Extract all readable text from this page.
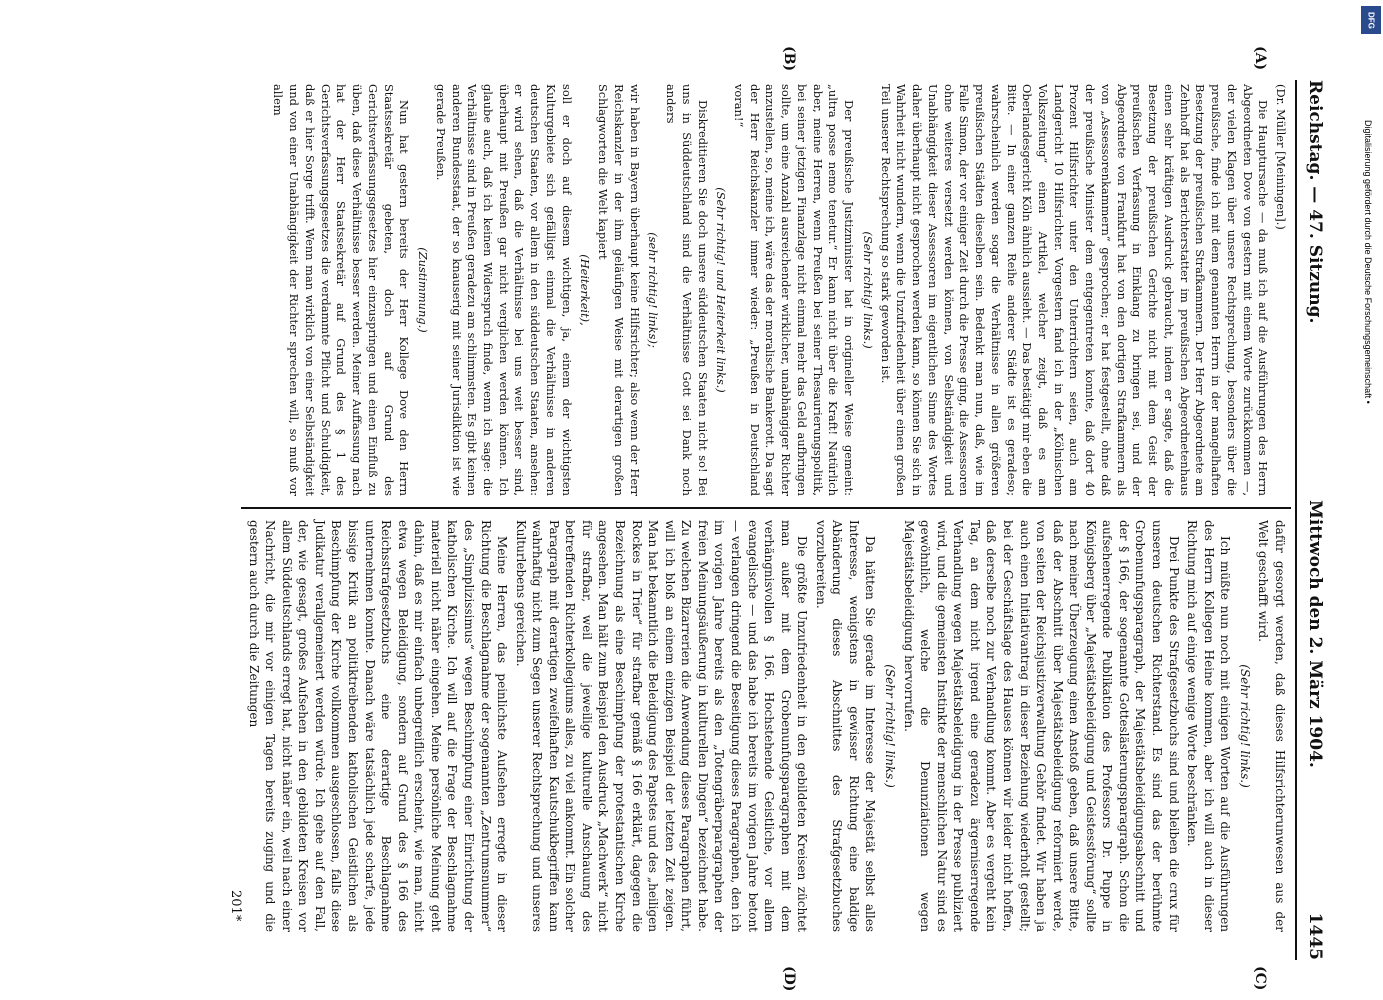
Reichstag. — 47. Sitzung.
Mittwoch den 2. März 1904.
1445
(A)
(B)
(C)
(D)

(Dr. Müller [Meiningen].)

Die Hauptursache — da muß ich auf die Ausführungen des Herrn Abgeordneten Dove von gestern mit einem Worte zurückkommen —, der vielen Klagen über unsere Rechtsprechung, besonders über die preußische, finde ich mit dem genannten Herrn in der mangelhaften Besetzung der preußischen Strafkammern. Der Herr Abgeordnete am Zehnhoff hat als Berichterstatter im preußischen Abgeordnetenhaus einen sehr kräftigen Ausdruck gebraucht, indem er sagte, daß die Besetzung der preußischen Gerichte nicht mit dem Geist der preußischen Verfassung in Einklang zu bringen sei, und der Abgeordnete von Frankfurt hat von den dortigen Strafkammern als von „Assessorenkammern“ gesprochen; er hat festgestellt, ohne daß der preußische Minister dem entgegentreten konnte, daß dort 40 Prozent Hilfsrichter unter den Unterrichtern seien, auch am Landgericht 10 Hilfsrichter. Vorgestern fand ich in der „Kölnischen Volkszeitung“ einen Artikel, welcher zeigt, daß es am Oberlandesgericht Köln ähnlich aussieht. — Das bestätigt mir eben die Bitte. — In einer ganzen Reihe anderer Städte ist es geradeso; wahrscheinlich werden sogar die Verhältnisse in allen größeren preußischen Städten dieselben sein. Bedenkt man nun, daß, wie im Falle Simon, der vor einiger Zeit durch die Presse ging, die Assessoren ohne weiteres versetzt werden können, von Selbständigkeit und Unabhängigkeit dieser Assessoren im eigentlichen Sinne des Wortes daher überhaupt nicht gesprochen werden kann, so können Sie sich in Wahrheit nicht wundern, wenn die Unzufriedenheit über einen großen Teil unserer Rechtsprechung so stark geworden ist.

(Sehr richtig! links.)

Der preußische Justizminister hat in origineller Weise gemeint: „ultra posse nemo tenetur.“ Er kann nicht über die Kraft! Natürlich aber, meine Herren, wenn Preußen bei seiner Thesaurierungspolitik, bei seiner jetzigen Finanzlage nicht einmal mehr das Geld aufbringen sollte, um eine Anzahl ausreichender wirklicher, unabhängiger Richter anzustellen, so, meine ich, wäre das der moralische Bankerott. Da sagt der Herr Reichskanzler immer wieder: „Preußen in Deutschland voran!“

(Sehr richtig! und Heiterkeit links.)

Diskreditieren Sie doch unsere süddeutschen Staaten nicht so! Bei uns in Süddeutschland sind die Verhältnisse Gott sei Dank noch anders

(sehr richtig! links);

wir haben in Bayern überhaupt keine Hilfsrichter; also wenn der Herr Reichskanzler in der ihm geläufigen Weise mit derartigen großen Schlagworten die Welt kapiert

(Heiterkeit),

soll er doch auf diesem wichtigen, ja, einem der wichtigsten Kulturgebiete sich gefälligst einmal die Verhältnisse in anderen deutschen Staaten, vor allem in den süddeutschen Staaten, ansehen: er wird sehen, daß die Verhältnisse bei uns weit besser sind, überhaupt mit Preußen gar nicht verglichen werden können. Ich glaube auch, daß ich keinen Widerspruch finde, wenn ich sage: die Verhältnisse sind in Preußen geradezu am schlimmsten. Es gibt keinen anderen Bundesstaat, der so knauserig mit seiner Jurisdiktion ist wie gerade Preußen.

(Zustimmung.)

Nun hat gestern bereits der Herr Kollege Dove den Herrn Staatssekretär gebeten, doch auf Grund des Gerichtsverfassungsgesetzes hier einzuspringen und einen Einfluß zu üben, daß diese Verhältnisse besser werden. Meiner Auffassung nach hat der Herr Staatssekretär auf Grund des § 1 des Gerichtsverfassungsgesetzes die verdammte Pflicht und Schuldigkeit, daß er hier Sorge trifft. Wenn man wirklich von einer Selbständigkeit und von einer Unabhängigkeit der Richter sprechen will, so muß vor allem

dafür gesorgt werden, daß dieses Hilfsrichterunwesen aus der Welt geschafft wird.

(Sehr richtig! links.)

Ich müßte nun noch mit einigen Worten auf die Ausführungen des Herrn Kollegen Heine kommen, aber ich will auch in dieser Richtung mich auf einige wenige Worte beschränken.

Drei Punkte des Strafgesetzbuchs sind und bleiben die crux für unseren deutschen Richterstand. Es sind das der berühmte Grobenunfugsparagraph, der Majestätsbeleidigungsabschnitt und der § 166, der sogenannte Gotteslästerungsparagraph. Schon die aufsehenerregende Publikation des Professors Dr. Puppe in Königsberg über „Majestätsbeleidigung und Geistesstörung“ sollte nach meiner Überzeugung einen Anstoß geben, daß unsere Bitte, daß der Abschnitt über Majestätsbeleidigung reformiert werde, von seiten der Reichsjustizverwaltung Gehör findet. Wir haben ja auch einen Initiativantrag in dieser Beziehung wiederholt gestellt; bei der Geschäftslage des Hauses können wir leider nicht hoffen, daß derselbe noch zur Verhandlung kommt. Aber es vergeht kein Tag, an dem nicht irgend eine geradezu ärgerniserregende Verhandlung wegen Majestätsbeleidigung in der Presse publiziert wird, und die gemeinsten Instinkte der menschlichen Natur sind es gewöhnlich, welche die Denunziationen wegen Majestätsbeleidigung hervorrufen.

(Sehr richtig! links.)

Da hätten Sie gerade im Interesse der Majestät selbst alles Interesse, wenigstens in gewisser Richtung eine baldige Abänderung dieses Abschnittes des Strafgesetzbuches vorzubereiten.

Die größte Unzufriedenheit in den gebildeten Kreisen züchtet man außer mit dem Grobenunfugsparagraphen mit dem verhängnisvollen § 166. Hochstehende Geistliche, vor allem evangelische — und das habe ich bereits im vorigen Jahre betont — verlangen dringend die Beseitigung dieses Paragraphen, den ich im vorigen Jahre bereits als den „Totengräberparagraphen der freien Meinungsäußerung in kulturellen Dingen“ bezeichnet habe. Zu welchen Bizarrerien die Anwendung dieses Paragraphen führt, will ich bloß an einem einzigen Beispiel der letzten Zeit zeigen. Man hat bekanntlich die Beleidigung des Papstes und des „heiligen Rockes in Trier“ für strafbar gemäß § 166 erklärt, dagegen die Bezeichnung als eine Beschimpfung der protestantischen Kirche angesehen. Man hält zum Beispiel den Ausdruck „Machwerk“ nicht für strafbar, weil die jeweilige kulturelle Anschauung des betreffenden Richterkollegiums alles, zu viel ankommt. Ein solcher Paragraph mit derartigen zweifelhaften Kautschukbegriffen kann wahrhaftig nicht zum Segen unserer Rechtsprechung und unseres Kulturlebens gereichen.

Meine Herren, das peinlichste Aufsehen erregte in dieser Richtung die Beschlagnahme der sogenannten „Zentrumsnummer“ des „Simplizissimus“ wegen Beschimpfung einer Einrichtung der katholischen Kirche. Ich will auf die Frage der Beschlagnahme materiell nicht näher eingehen. Meine persönliche Meinung geht dahin, daß es mir einfach unbegreiflich erscheint, wie man, nicht etwa wegen Beleidigung, sondern auf Grund des § 166 des Reichsstrafgesetzbuchs eine derartige Beschlagnahme unternehmen konnte. Danach wäre tatsächlich jede scharfe, jede bissige Kritik an politiktreibenden katholischen Geistlichen als Beschimpfung der Kirche vollkommen ausgeschlossen, falls diese Judikatur verallgemeinert werden würde. Ich gehe auf den Fall, der, wie gesagt, großes Aufsehen in den gebildeten Kreisen vor allem Süddeutschlands erregt hat, nicht näher ein, weil nach einer Nachricht, die mir vor einigen Tagen bereits zuging und die gestern auch durch die Zeitungen

201*
DFG
Digitalisierung gefördert durch die Deutsche Forschungsgemeinschaft •
